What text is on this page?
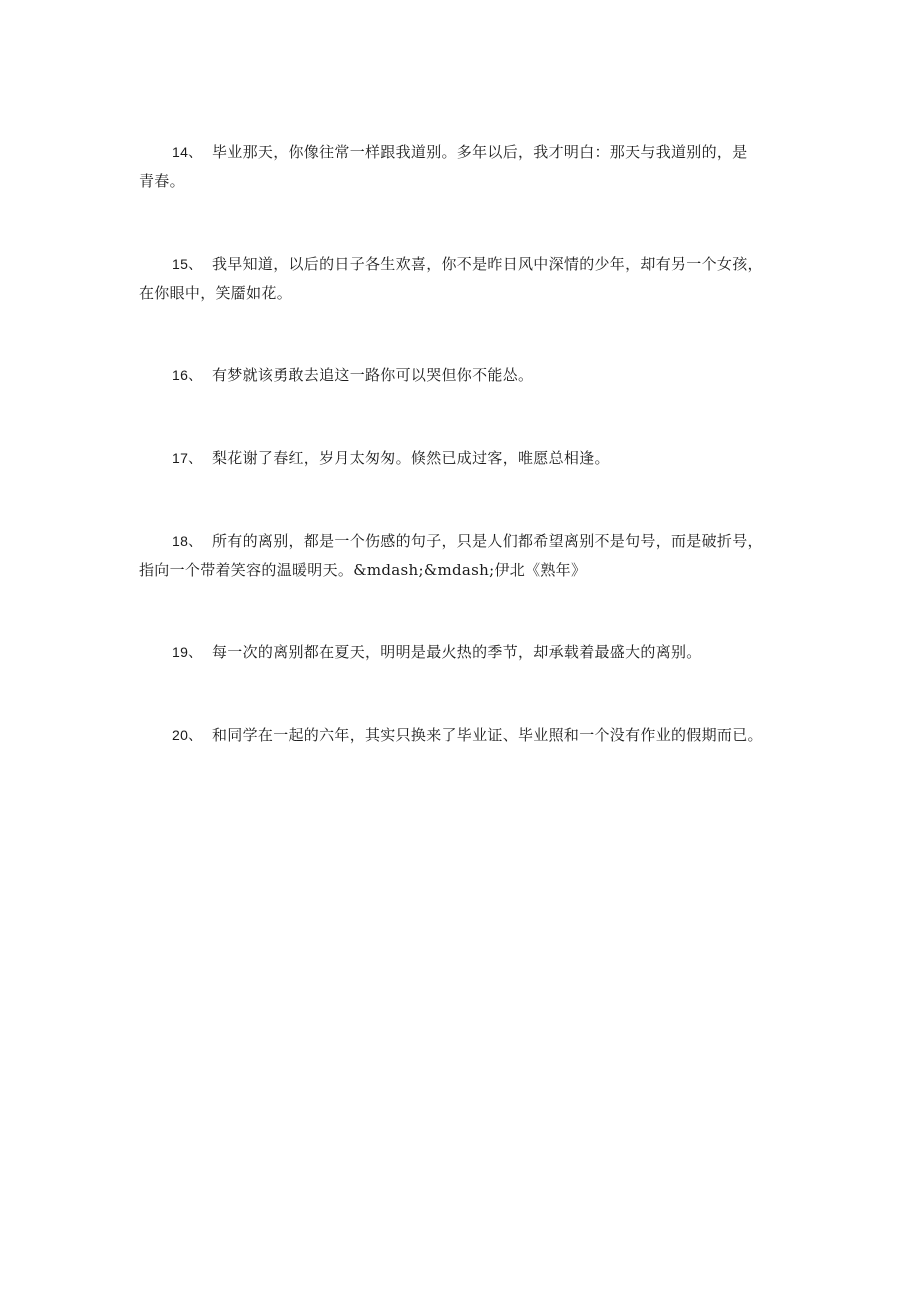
14、 毕业那天，你像往常一样跟我道别。多年以后，我才明白：那天与我道别的，是
青春。
15、 我早知道，以后的日子各生欢喜，你不是昨日风中深情的少年，却有另一个女孩，
在你眼中，笑靥如花。
16、 有梦就该勇敢去追这一路你可以哭但你不能怂。
17、 梨花谢了春红，岁月太匆匆。倏然已成过客，唯愿总相逢。
18、 所有的离别，都是一个伤感的句子，只是人们都希望离别不是句号，而是破折号，
指向一个带着笑容的温暖明天。&mdash;&mdash;伊北《熟年》
19、 每一次的离别都在夏天，明明是最火热的季节，却承载着最盛大的离别。
20、 和同学在一起的六年，其实只换来了毕业证、毕业照和一个没有作业的假期而已。
